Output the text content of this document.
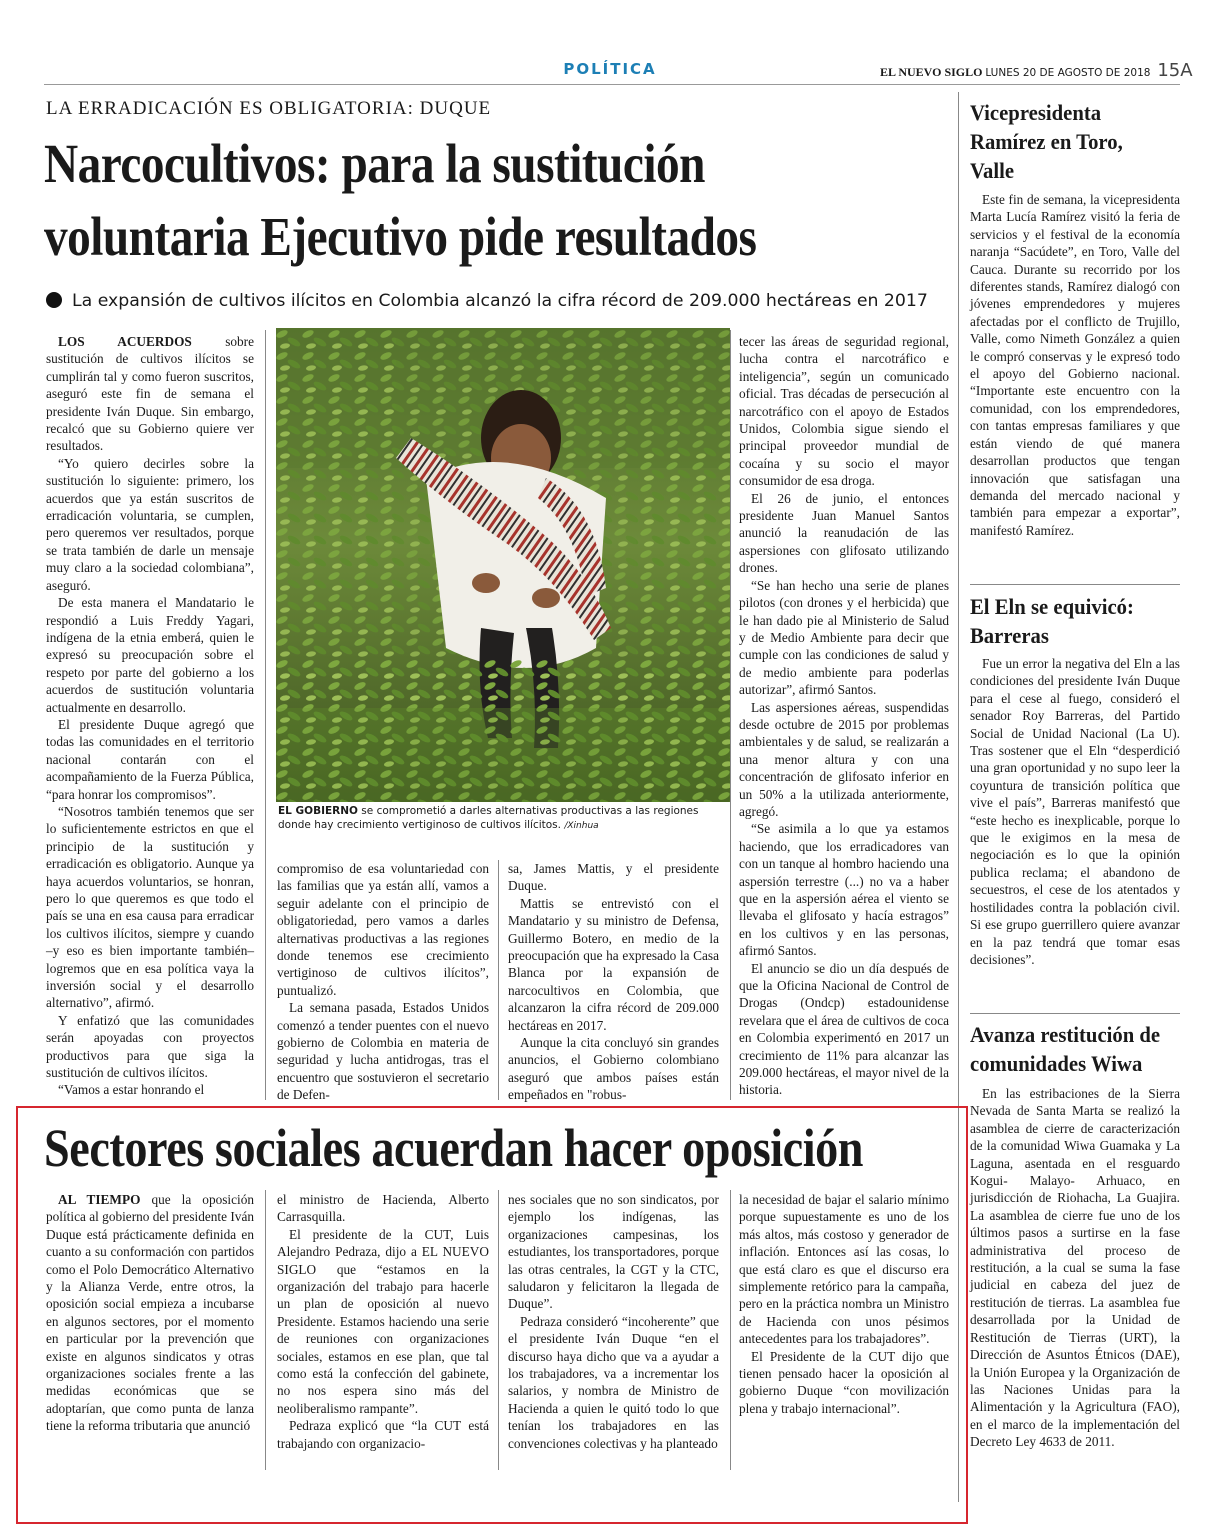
POLÍTICA	EL NUEVO SIGLO LUNES 20 DE AGOSTO DE 2018 15A
LA ERRADICACIÓN ES OBLIGATORIA: DUQUE
Narcocultivos: para la sustitución voluntaria Ejecutivo pide resultados
La expansión de cultivos ilícitos en Colombia alcanzó la cifra récord de 209.000 hectáreas en 2017

LOS ACUERDOS	sobre sustitución de cultivos ilícitos se cumplirán tal y como fueron suscritos, aseguró este fin de semana el presidente Iván Duque. Sin embargo, recalcó que su Gobierno quiere ver resultados.

“Yo quiero decirles sobre la sustitución lo siguiente: primero, los acuerdos que ya están suscritos de erradicación voluntaria, se cumplen, pero queremos ver resultados, porque se trata también de darle un mensaje muy claro a la sociedad colombiana”, aseguró.

De esta manera el Mandatario le respondió a Luis Freddy Yagari, indígena de la etnia emberá, quien le expresó su preocupación sobre el respeto por parte del gobierno a los acuerdos de sustitución voluntaria actualmente en desarrollo.

El presidente Duque agregó que todas las comunidades en el territorio nacional contarán con el acompañamiento de la Fuerza Pública, “para honrar los compromisos”.

“Nosotros también tenemos que ser lo suficientemente estrictos en que el principio de la sustitución y erradicación es obligatorio. Aunque ya haya acuerdos voluntarios, se honran, pero lo que queremos es que todo el país se una en esa causa para erradicar los cultivos ilícitos, siempre y cuando –y eso es bien importante también– logremos que en esa política vaya la inversión social y el desarrollo alternativo”, afirmó.

Y enfatizó que las comunidades serán apoyadas con proyectos productivos para que siga la sustitución de cultivos ilícitos.

“Vamos a estar honrando el

EL GOBIERNO se comprometió a darles alternativas productivas a las regiones donde hay crecimiento vertiginoso de cultivos ilícitos. /Xinhua

compromiso de esa voluntariedad con las familias que ya están allí, vamos a seguir adelante con el principio de obligatoriedad, pero vamos a darles alternativas productivas a las regiones donde tenemos ese crecimiento vertiginoso de cultivos ilícitos”, puntualizó.

La semana pasada, Estados Unidos comenzó a tender puentes con el nuevo gobierno de Colombia en materia de seguridad y lucha antidrogas, tras el encuentro que sostuvieron el secretario de Defen-

sa, James Mattis, y el presidente Duque.

Mattis se entrevistó con el Mandatario y su ministro de Defensa, Guillermo Botero, en medio de la preocupación que ha expresado la Casa Blanca por la expansión de narcocultivos en Colombia, que alcanzaron la cifra récord de 209.000 hectáreas en 2017.

Aunque la cita concluyó sin grandes anuncios, el Gobierno colombiano aseguró que ambos países están empeñados en "robus-

tecer las áreas de seguridad regional, lucha contra el narcotráfico e inteligencia”, según un comunicado oficial. Tras décadas de persecución al narcotráfico con el apoyo de Estados Unidos, Colombia sigue siendo el principal proveedor mundial de cocaína y su socio el mayor consumidor de esa droga.

El 26 de junio, el entonces presidente Juan Manuel Santos anunció la reanudación de las aspersiones con glifosato utilizando drones.

“Se han hecho una serie de planes pilotos (con drones y el herbicida) que le han dado pie al Ministerio de Salud y de Medio Ambiente para decir que cumple con las condiciones de salud y de medio ambiente para poderlas autorizar”, afirmó Santos.

Las aspersiones aéreas, suspendidas desde octubre de 2015 por problemas ambientales y de salud, se realizarán a una menor altura y con una concentración de glifosato inferior en un 50% a la utilizada anteriormente, agregó.

“Se asimila a lo que ya estamos haciendo, que los erradicadores van con un tanque al hombro haciendo una aspersión terrestre (...) no va a haber que en la aspersión aérea el viento se llevaba el glifosato y hacía estragos” en los cultivos y en las personas, afirmó Santos.

El anuncio se dio un día después de que la Oficina Nacional de Control de Drogas (Ondcp) estadounidense revelara que el área de cultivos de coca en Colombia experimentó en 2017 un crecimiento de 11% para alcanzar las 209.000 hectáreas, el mayor nivel de la historia.

Sectores sociales acuerdan hacer oposición

AL TIEMPO que la oposición política al gobierno del presidente Iván Duque está prácticamente definida en cuanto a su conformación con partidos como el Polo Democrático Alternativo y la Alianza Verde, entre otros, la oposición social empieza a incubarse en algunos sectores, por el momento en particular por la prevención que existe en algunos sindicatos y otras organizaciones sociales frente a las medidas económicas que se adoptarían, que como punta de lanza tiene la reforma tributaria que anunció

el ministro de Hacienda, Alberto Carrasquilla.

El presidente de la CUT, Luis Alejandro Pedraza, dijo a EL NUEVO SIGLO que “estamos en la organización del trabajo para hacerle un plan de oposición al nuevo Presidente. Estamos haciendo una serie de reuniones con organizaciones sociales, estamos en ese plan, que tal como está la confección del gabinete, no nos espera sino más del neoliberalismo rampante”.

Pedraza explicó que “la CUT está trabajando con organizacio-

nes sociales que no son sindicatos, por ejemplo los indígenas, las organizaciones campesinas, los estudiantes, los transportadores, porque las otras centrales, la CGT y la CTC, saludaron y felicitaron la llegada de Duque”.

Pedraza consideró “incoherente” que el presidente Iván Duque “en el discurso haya dicho que va a ayudar a los trabajadores, va a incrementar los salarios, y nombra de Ministro de Hacienda a quien le quitó todo lo que tenían los trabajadores en las convenciones colectivas y ha planteado

la necesidad de bajar el salario mínimo porque supuestamente es uno de los más altos, más costoso y generador de inflación. Entonces así las cosas, lo que está claro es que el discurso era simplemente retórico para la campaña, pero en la práctica nombra un Ministro de Hacienda con unos pésimos antecedentes para los trabajadores”.

El Presidente de la CUT dijo que tienen pensado hacer la oposición al gobierno Duque “con movilización plena y trabajo internacional”.

Vicepresidenta Ramírez en Toro, Valle

Este fin de semana, la vicepresidenta Marta Lucía Ramírez visitó la feria de servicios y el festival de la economía naranja “Sacúdete”, en Toro, Valle del Cauca. Durante su recorrido por los diferentes stands, Ramírez dialogó con jóvenes emprendedores y mujeres afectadas por el conflicto de Trujillo, Valle, como Nimeth González a quien le compró conservas y le expresó todo el apoyo del Gobierno nacional. “Importante este encuentro con la comunidad, con los emprendedores, con tantas empresas familiares y que están viendo de qué manera desarrollan productos que tengan innovación que satisfagan una demanda del mercado nacional y también para empezar a exportar”, manifestó Ramírez.

El Eln se equivicó: Barreras

Fue un error la negativa del Eln a las condiciones del presidente Iván Duque para el cese al fuego, consideró el senador Roy Barreras, del Partido Social de Unidad Nacional (La U). Tras sostener que el Eln “desperdició una gran oportunidad y no supo leer la coyuntura de transición política que vive el país”, Barreras manifestó que “este hecho es inexplicable, porque lo que le exigimos en la mesa de negociación es lo que la opinión publica reclama; el abandono de secuestros, el cese de los atentados y hostilidades contra la población civil. Si ese grupo guerrillero quiere avanzar en la paz tendrá que tomar esas decisiones”.

Avanza restitución de comunidades Wiwa

En las estribaciones de la Sierra Nevada de Santa Marta se realizó la asamblea de cierre de caracterización de la comunidad Wiwa Guamaka y La Laguna, asentada en el resguardo Kogui- Malayo- Arhuaco, en jurisdicción de Riohacha, La Guajira. La asamblea de cierre fue uno de los últimos pasos a surtirse en la fase administrativa del proceso de restitución, a la cual se suma la fase judicial en cabeza del juez de restitución de tierras. La asamblea fue desarrollada por la Unidad de Restitución de Tierras (URT), la Dirección de Asuntos Étnicos (DAE), la Unión Europea y la Organización de las Naciones Unidas para la Alimentación y la Agricultura (FAO), en el marco de la implementación del Decreto Ley 4633 de 2011.
